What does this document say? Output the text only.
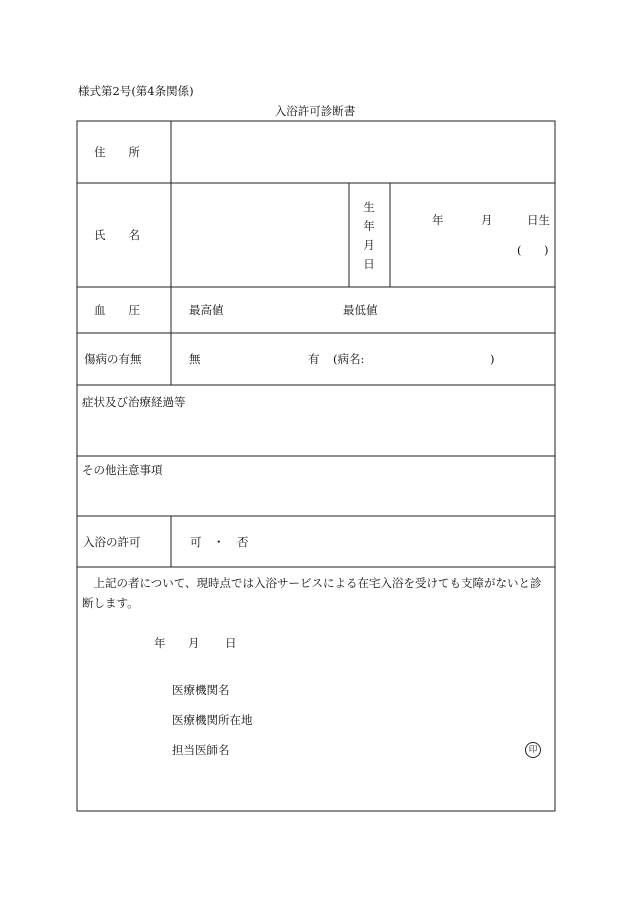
様式第2号(第4条関係)
入浴許可診断書
住　　所
氏　　名
生年月日
年	月	日生
( )
血　　圧	最高値	最低値
傷病の有無	無	有 (病名:	)
症状及び治療経過等
その他注意事項
入浴の許可	可 ・ 否
上記の者について、現時点では入浴サービスによる在宅入浴を受けても支障がないと診断します。
年 月 日
医療機関名
医療機関所在地
担当医師名	印
